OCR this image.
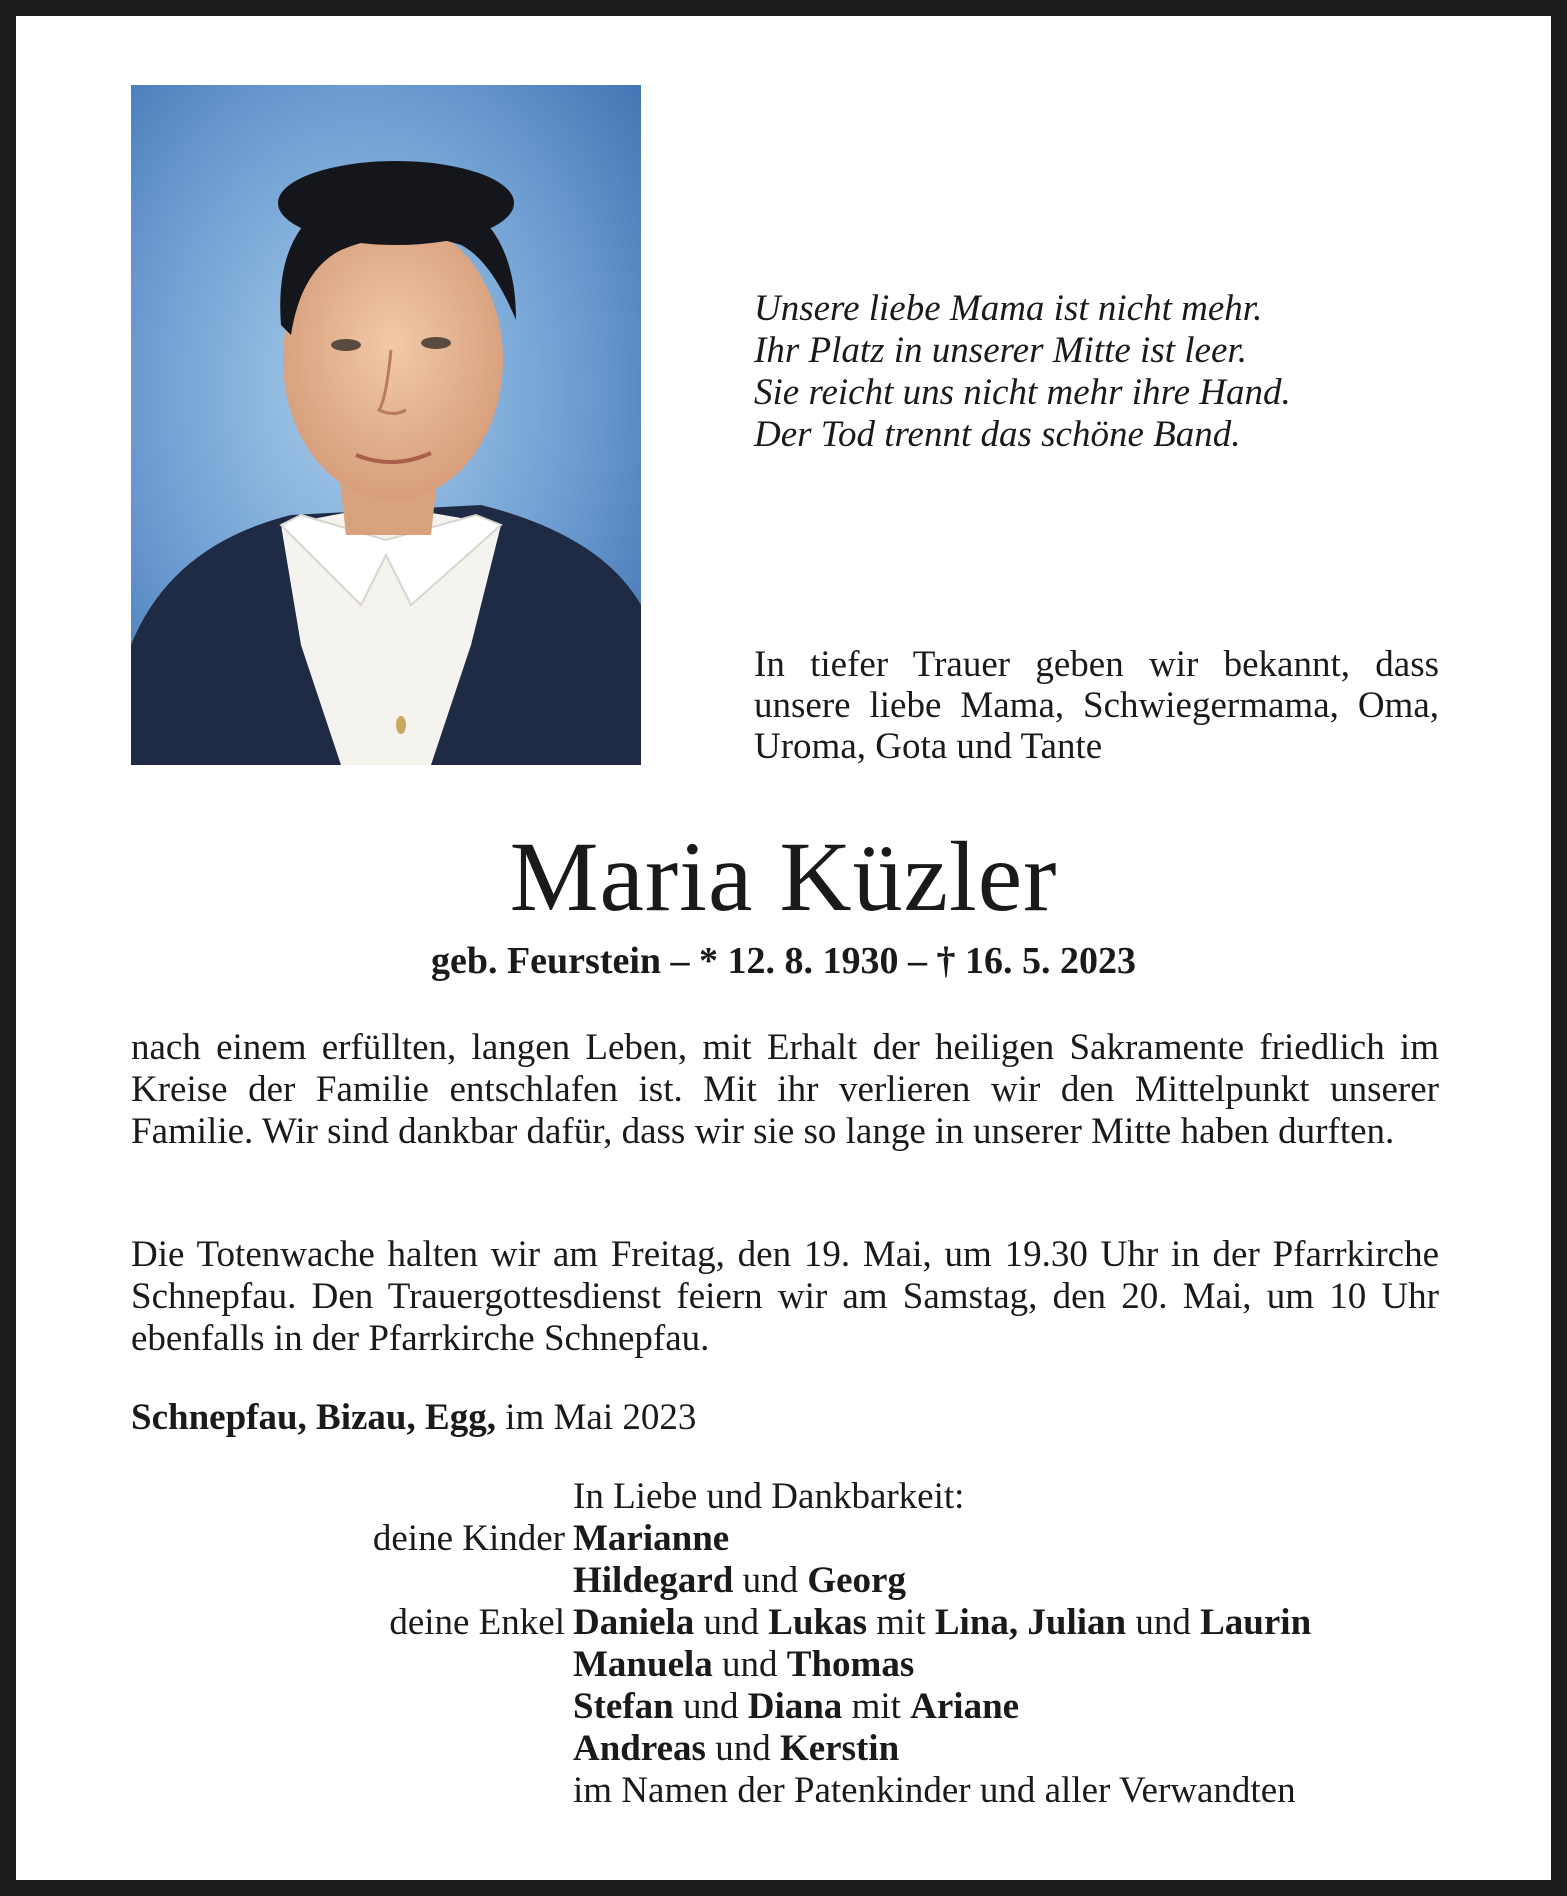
Unsere liebe Mama ist nicht mehr.
Ihr Platz in unserer Mitte ist leer.
Sie reicht uns nicht mehr ihre Hand.
Der Tod trennt das schöne Band.
In tiefer Trauer geben wir bekannt, dass unsere liebe Mama, Schwiegermama, Oma, Uroma, Gota und Tante
Maria Küzler
geb. Feurstein – * 12. 8. 1930 – † 16. 5. 2023
nach einem erfüllten, langen Leben, mit Erhalt der heiligen Sakramente friedlich im Kreise der Familie entschlafen ist. Mit ihr verlieren wir den Mittelpunkt unserer Familie. Wir sind dankbar dafür, dass wir sie so lange in unserer Mitte haben durften.
Die Totenwache halten wir am Freitag, den 19. Mai, um 19.30 Uhr in der Pfarrkirche Schnepfau. Den Trauergottesdienst feiern wir am Samstag, den 20. Mai, um 10 Uhr ebenfalls in der Pfarrkirche Schnepfau.
Schnepfau, Bizau, Egg, im Mai 2023
In Liebe und Dankbarkeit:
deine Kinder Marianne
Hildegard und Georg
deine Enkel Daniela und Lukas mit Lina, Julian und Laurin
Manuela und Thomas
Stefan und Diana mit Ariane
Andreas und Kerstin
im Namen der Patenkinder und aller Verwandten
